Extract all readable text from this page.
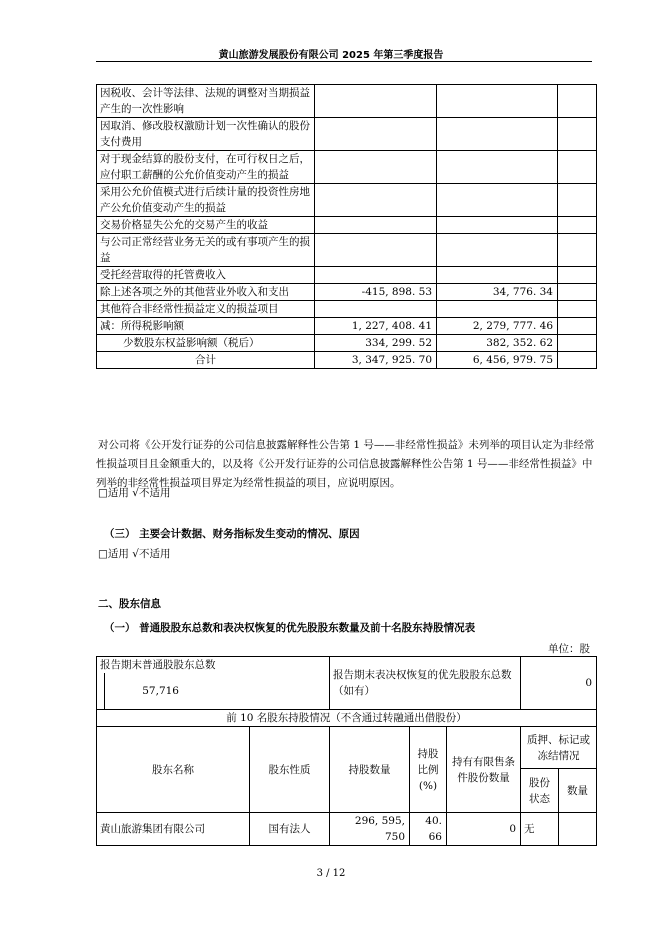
黄山旅游发展股份有限公司 2025 年第三季度报告
因税收、会计等法律、法规的调整对当期损益产生的一次性影响			
因取消、修改股权激励计划一次性确认的股份支付费用			
对于现金结算的股份支付，在可行权日之后，应付职工薪酬的公允价值变动产生的损益			
采用公允价值模式进行后续计量的投资性房地产公允价值变动产生的损益			
交易价格显失公允的交易产生的收益			
与公司正常经营业务无关的或有事项产生的损益			
受托经营取得的托管费收入			
除上述各项之外的其他营业外收入和支出	-415, 898. 53	34, 776. 34	
其他符合非经常性损益定义的损益项目			
减：所得税影响额	1, 227, 408. 41	2, 279, 777. 46	
少数股东权益影响额（税后）	334, 299. 52	382, 352. 62	
合计	3, 347, 925. 70	6, 456, 979. 75	
对公司将《公开发行证券的公司信息披露解释性公告第 1 号——非经常性损益》未列举的项目认定为非经常性损益项目且金额重大的，以及将《公开发行证券的公司信息披露解释性公告第 1 号——非经常性损益》中列举的非经常性损益项目界定为经常性损益的项目，应说明原因。
□适用 √不适用
（三） 主要会计数据、财务指标发生变动的情况、原因
□适用 √不适用
二、股东信息
（一） 普通股股东总数和表决权恢复的优先股股东数量及前十名股东持股情况表
单位：股
报告期末普通股股东总数57,716		报告期末表决权恢复的优先股股东总数（如有）			0	
前 10 名股东持股情况（不含通过转融通出借股份）						
股东名称	股东性质	持股数量	持股比例(%)	持有有限售条件股份数量	质押、标记或冻结情况	
					股份状态	数量
黄山旅游集团有限公司	国有法人	296, 595, 750	40. 66	0	无	
3 / 12
